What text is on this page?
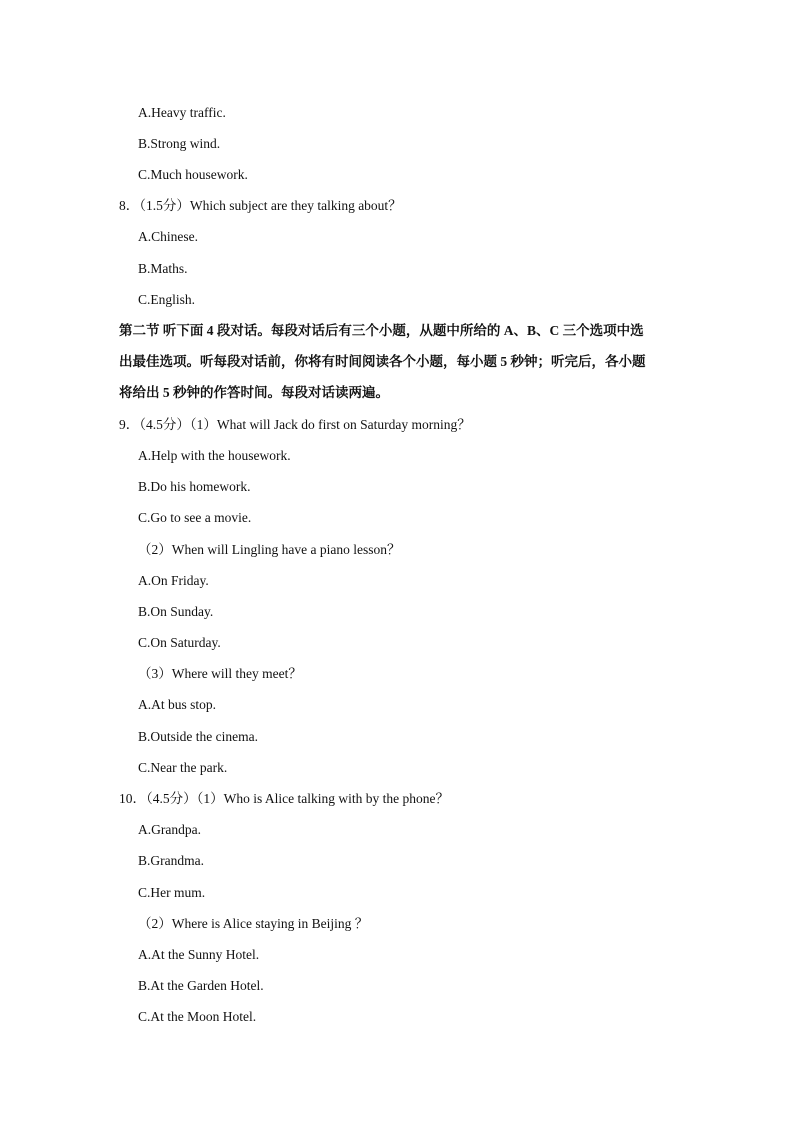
A.Heavy traffic.
B.Strong wind.
C.Much housework.
8．（1.5分）Which subject are they talking about？
A.Chinese.
B.Maths.
C.English.
第二节 听下面 4 段对话。每段对话后有三个小题，从题中所给的 A、B、C 三个选项中选
出最佳选项。听每段对话前，你将有时间阅读各个小题，每小题 5 秒钟；听完后，各小题
将给出 5 秒钟的作答时间。每段对话读两遍。
9．（4.5分）（1）What will Jack do first on Saturday morning？
A.Help with the housework.
B.Do his homework.
C.Go to see a movie.
（2）When will Lingling have a piano lesson？
A.On Friday.
B.On Sunday.
C.On Saturday.
（3）Where will they meet？
A.At bus stop.
B.Outside the cinema.
C.Near the park.
10．（4.5分）（1）Who is Alice talking with by the phone？
A.Grandpa.
B.Grandma.
C.Her mum.
（2）Where is Alice staying in Beijing ？
A.At the Sunny Hotel.
B.At the Garden Hotel.
C.At the Moon Hotel.
